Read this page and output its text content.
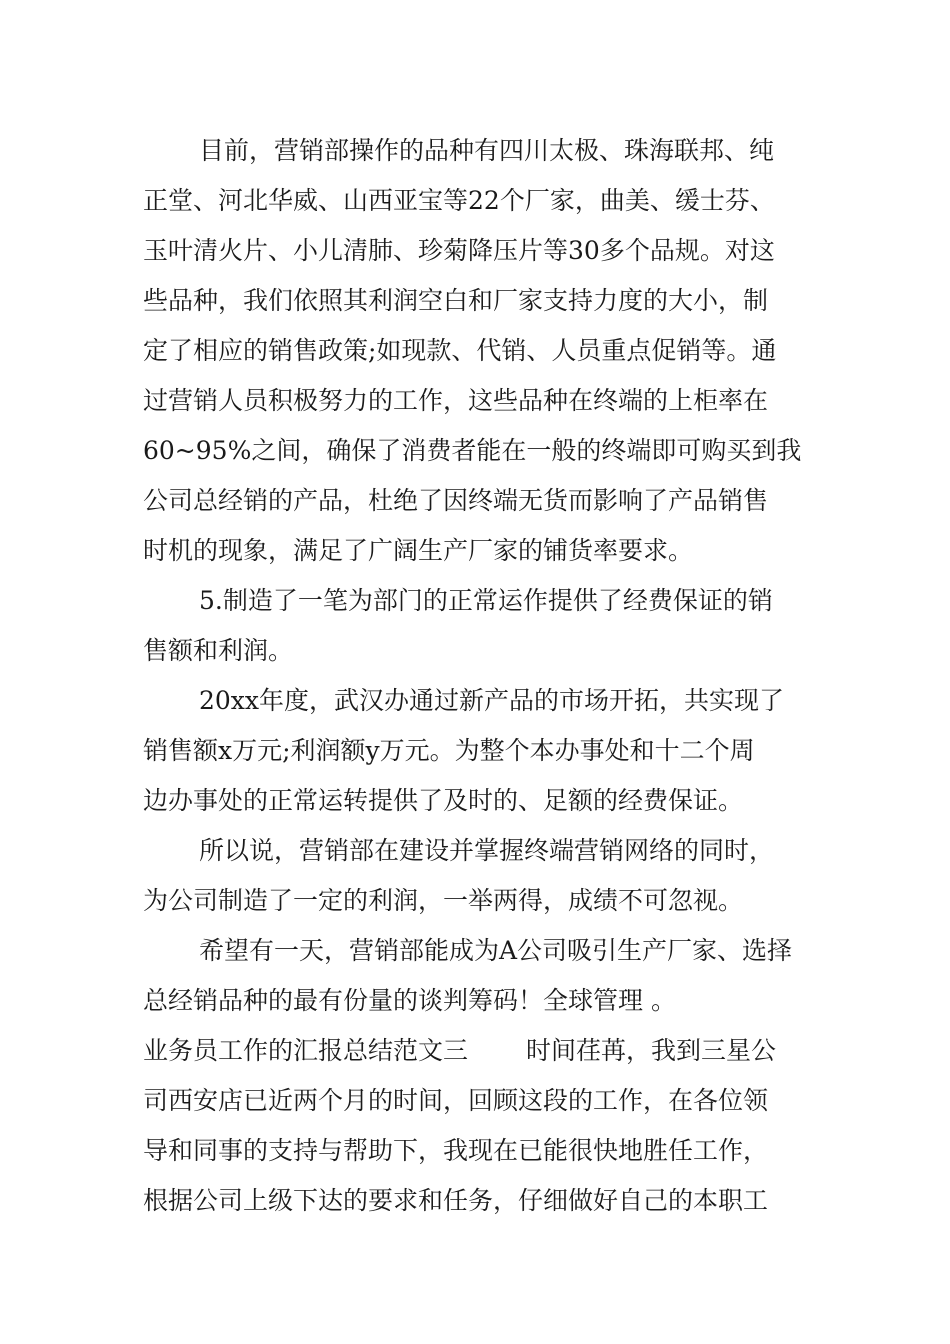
目前，营销部操作的品种有四川太极、珠海联邦、纯

正堂、河北华威、山西亚宝等22个厂家，曲美、缓士芬、

玉叶清火片、小儿清肺、珍菊降压片等30多个品规。对这

些品种，我们依照其利润空白和厂家支持力度的大小，制

定了相应的销售政策;如现款、代销、人员重点促销等。通

过营销人员积极努力的工作，这些品种在终端的上柜率在

60~95%之间，确保了消费者能在一般的终端即可购买到我

公司总经销的产品，杜绝了因终端无货而影响了产品销售

时机的现象，满足了广阔生产厂家的铺货率要求。

5.制造了一笔为部门的正常运作提供了经费保证的销

售额和利润。

20xx年度，武汉办通过新产品的市场开拓，共实现了

销售额x万元;利润额y万元。为整个本办事处和十二个周

边办事处的正常运转提供了及时的、足额的经费保证。

所以说，营销部在建设并掌握终端营销网络的同时，

为公司制造了一定的利润，一举两得，成绩不可忽视。

希望有一天，营销部能成为A公司吸引生产厂家、选择

总经销品种的最有份量的谈判筹码！全球管理 。

业务员工作的汇报总结范文三 时间荏苒，我到三星公

司西安店已近两个月的时间，回顾这段的工作，在各位领

导和同事的支持与帮助下，我现在已能很快地胜任工作，

根据公司上级下达的要求和任务，仔细做好自己的本职工
